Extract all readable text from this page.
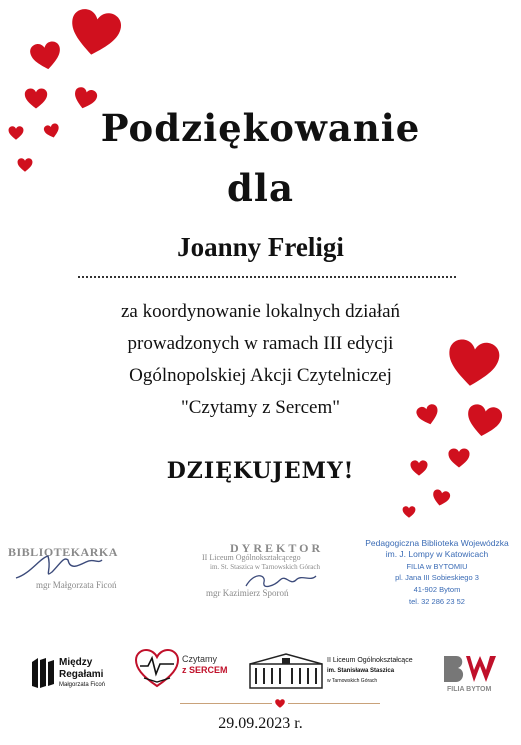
Podziękowanie
dla
Joanny Freligi
za koordynowanie lokalnych działań
prowadzonych w ramach III edycji
Ogólnopolskiej Akcji Czytelniczej
"Czytamy z Sercem"
DZIĘKUJEMY!
BIBLIOTEKARKA
mgr Małgorzata Ficoń
DYREKTOR
II Liceum Ogólnokształcącego
im. St. Staszica w Tarnowskich Górach
mgr Kazimierz Sporoń
Pedagogiczna Biblioteka Wojewódzka
im. J. Lompy w Katowicach
FILIA w BYTOMIU
pl. Jana III Sobieskiego 3
41-902 Bytom
tel. 32 286 23 52
Między
Regałami
Małgorzata Ficoń
Czytamy
z SERCEM
II Liceum Ogólnokształcące
im. Stanisława Staszica
w Tarnowskich Górach
FILIA BYTOM
29.09.2023 r.
